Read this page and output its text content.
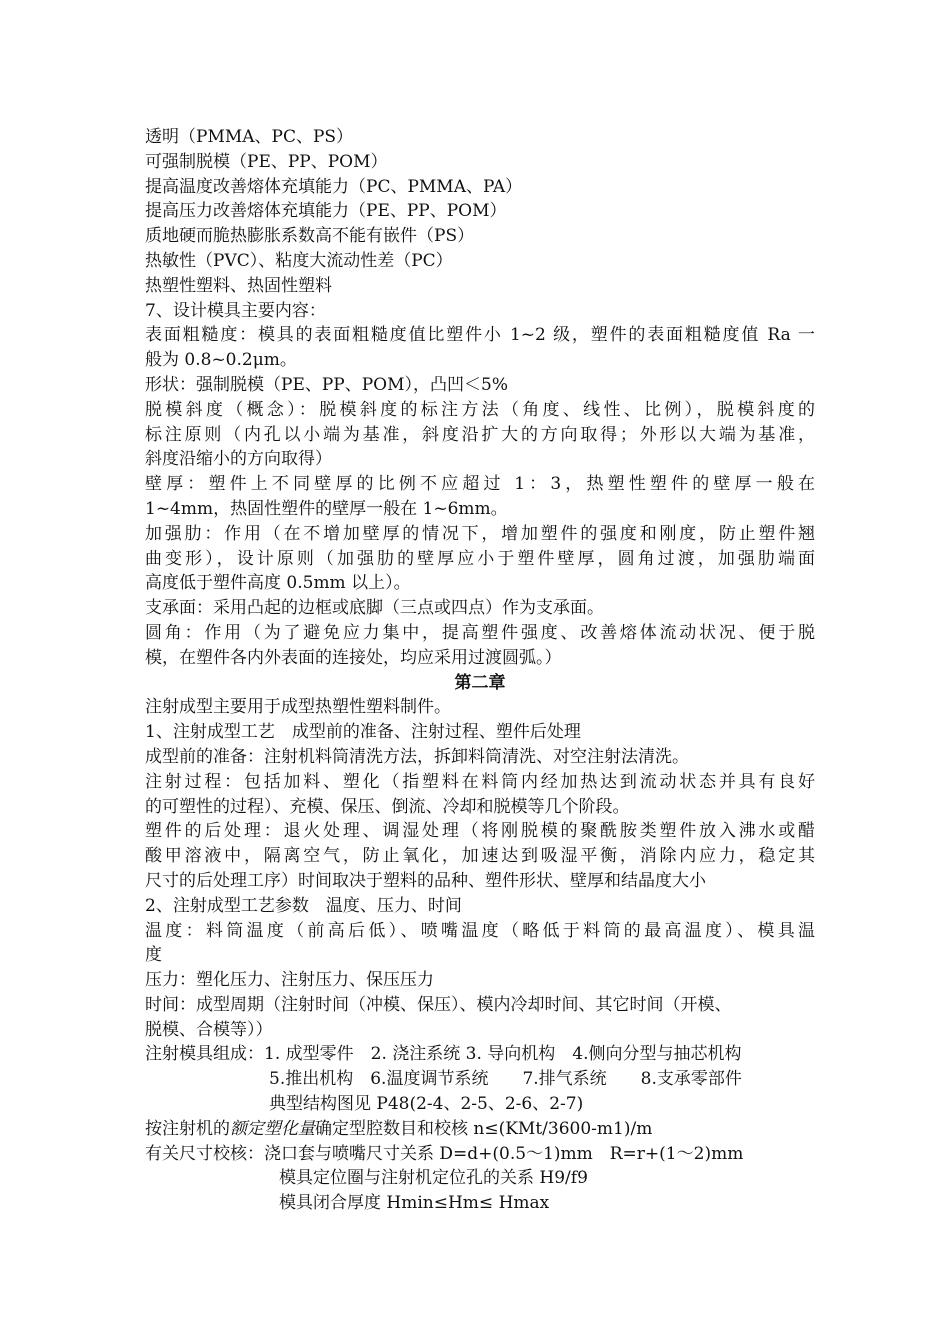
透明（PMMA、PC、PS）
可强制脱模（PE、PP、POM）
提高温度改善熔体充填能力（PC、PMMA、PA）
提高压力改善熔体充填能力（PE、PP、POM）
质地硬而脆热膨胀系数高不能有嵌件（PS）
热敏性（PVC）、粘度大流动性差（PC）
热塑性塑料、热固性塑料
7、设计模具主要内容：
表面粗糙度：模具的表面粗糙度值比塑件小 1~2 级，塑件的表面粗糙度值 Ra 一
般为 0.8~0.2μm。
形状：强制脱模（PE、PP、POM），凸凹＜5%
脱模斜度（概念）：脱模斜度的标注方法（角度、线性、比例），脱模斜度的
标注原则（内孔以小端为基准，斜度沿扩大的方向取得；外形以大端为基准，
斜度沿缩小的方向取得）
壁厚：塑件上不同壁厚的比例不应超过 1：3，热塑性塑件的壁厚一般在
1~4mm，热固性塑件的壁厚一般在 1~6mm。
加强肋：作用（在不增加壁厚的情况下，增加塑件的强度和刚度，防止塑件翘
曲变形），设计原则（加强肋的壁厚应小于塑件壁厚，圆角过渡，加强肋端面
高度低于塑件高度 0.5mm 以上）。
支承面：采用凸起的边框或底脚（三点或四点）作为支承面。
圆角：作用（为了避免应力集中，提高塑件强度、改善熔体流动状况、便于脱
模，在塑件各内外表面的连接处，均应采用过渡圆弧。）
第二章
注射成型主要用于成型热塑性塑料制件。
1、注射成型工艺　成型前的准备、注射过程、塑件后处理
成型前的准备：注射机料筒清洗方法，拆卸料筒清洗、对空注射法清洗。
注射过程：包括加料、塑化（指塑料在料筒内经加热达到流动状态并具有良好
的可塑性的过程）、充模、保压、倒流、冷却和脱模等几个阶段。
塑件的后处理：退火处理、调湿处理（将刚脱模的聚酰胺类塑件放入沸水或醋
酸甲溶液中，隔离空气，防止氧化，加速达到吸湿平衡，消除内应力，稳定其
尺寸的后处理工序）时间取决于塑料的品种、塑件形状、壁厚和结晶度大小
2、注射成型工艺参数　温度、压力、时间
温度：料筒温度（前高后低）、喷嘴温度（略低于料筒的最高温度）、模具温
度
压力：塑化压力、注射压力、保压压力
时间：成型周期（注射时间（冲模、保压）、模内冷却时间、其它时间（开模、
脱模、合模等））
注射模具组成：1. 成型零件　2. 浇注系统 3. 导向机构　4.侧向分型与抽芯机构
5.推出机构　6.温度调节系统　　7.排气系统　　8.支承零部件
典型结构图见 P48(2-4、2-5、2-6、2-7)
按注射机的额定塑化量确定型腔数目和校核 n≤(KMt/3600-m1)/m
有关尺寸校核：浇口套与喷嘴尺寸关系 D=d+(0.5～1)mm　R=r+(1～2)mm
模具定位圈与注射机定位孔的关系 H9/f9
模具闭合厚度 Hmin≤Hm≤ Hmax
